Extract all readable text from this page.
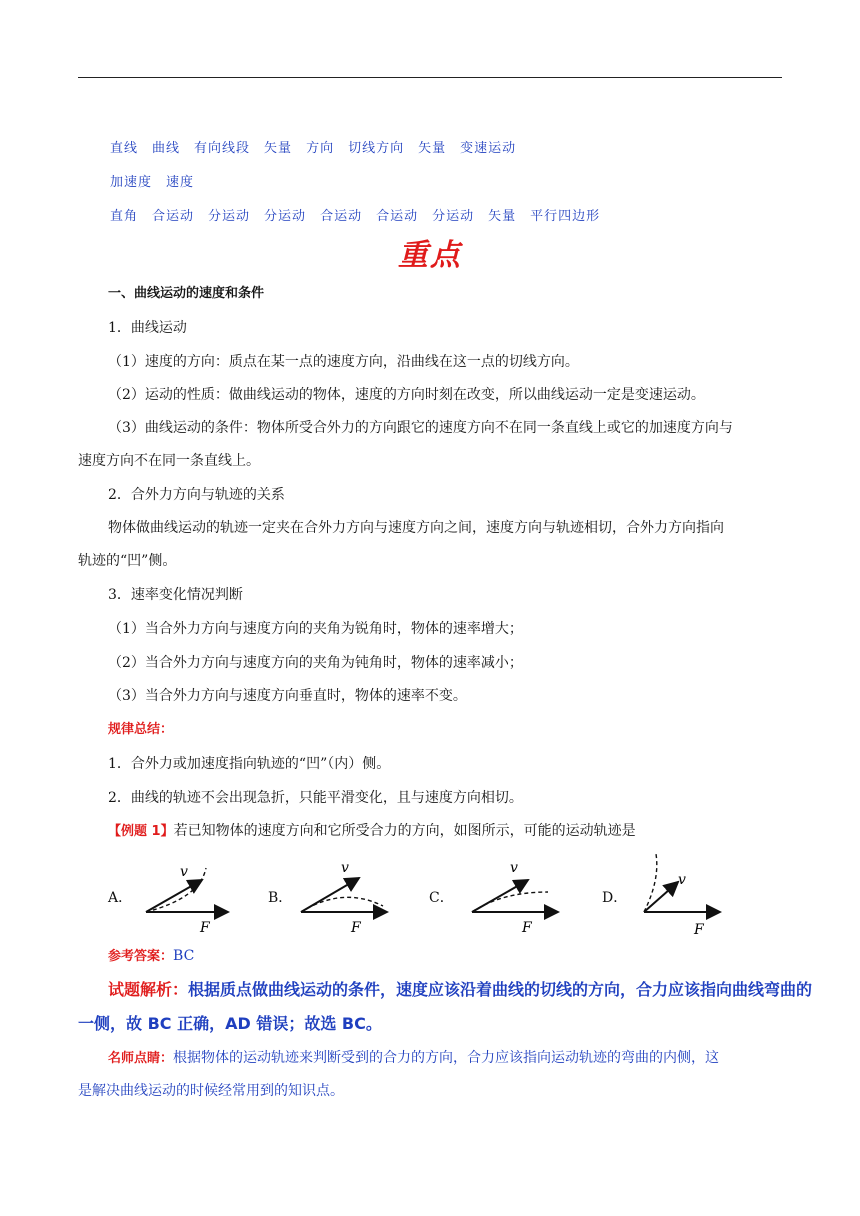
直线 曲线 有向线段 矢量 方向 切线方向 矢量 变速运动
加速度 速度
直角 合运动 分运动 分运动 合运动 合运动 分运动 矢量 平行四边形
重点
一、曲线运动的速度和条件
1．曲线运动
（1）速度的方向：质点在某一点的速度方向，沿曲线在这一点的切线方向。
（2）运动的性质：做曲线运动的物体，速度的方向时刻在改变，所以曲线运动一定是变速运动。
（3）曲线运动的条件：物体所受合外力的方向跟它的速度方向不在同一条直线上或它的加速度方向与
速度方向不在同一条直线上。
2．合外力方向与轨迹的关系
物体做曲线运动的轨迹一定夹在合外力方向与速度方向之间，速度方向与轨迹相切，合外力方向指向
轨迹的“凹”侧。
3．速率变化情况判断
（1）当合外力方向与速度方向的夹角为锐角时，物体的速率增大；
（2）当合外力方向与速度方向的夹角为钝角时，物体的速率减小；
（3）当合外力方向与速度方向垂直时，物体的速率不变。
规律总结：
1．合外力或加速度指向轨迹的“凹”（内）侧。
2．曲线的轨迹不会出现急折，只能平滑变化，且与速度方向相切。
【例题 1】若已知物体的速度方向和它所受合力的方向，如图所示，可能的运动轨迹是
A．	B．	C．	D．
v
F
v
F
v
F
v
F
参考答案：BC
试题解析：根据质点做曲线运动的条件，速度应该沿着曲线的切线的方向，合力应该指向曲线弯曲的
一侧，故 BC 正确，AD 错误；故选 BC。
名师点睛：根据物体的运动轨迹来判断受到的合力的方向，合力应该指向运动轨迹的弯曲的内侧，这
是解决曲线运动的时候经常用到的知识点。
